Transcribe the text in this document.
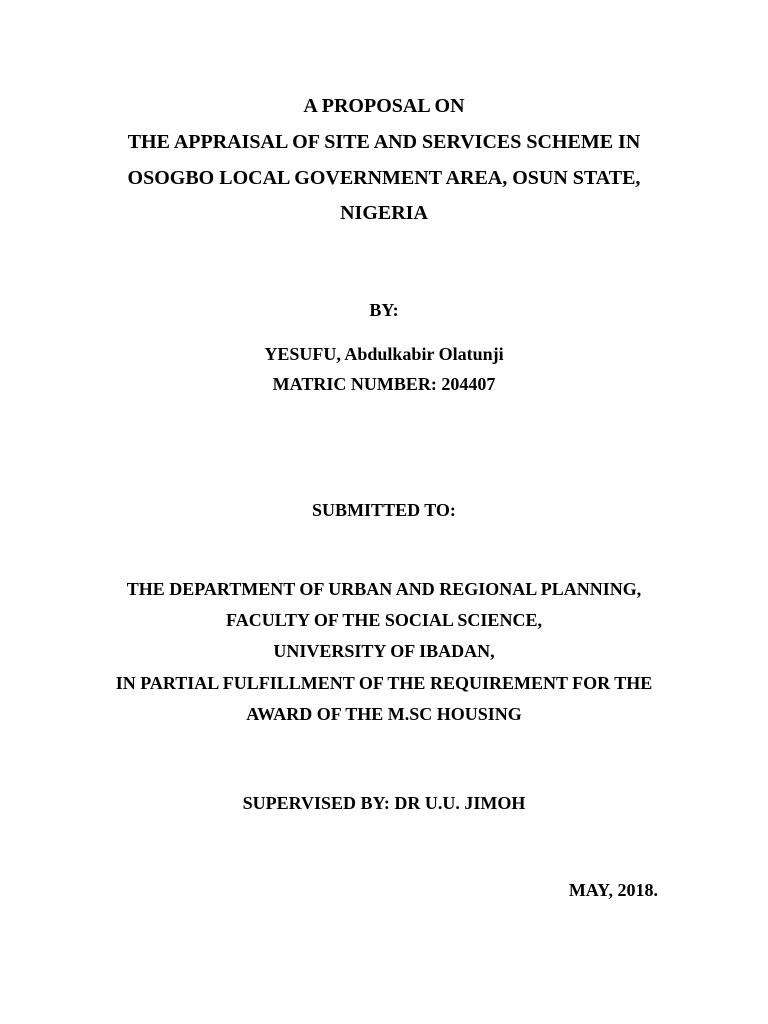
A PROPOSAL ON
THE APPRAISAL OF SITE AND SERVICES SCHEME IN
OSOGBO LOCAL GOVERNMENT AREA, OSUN STATE,
NIGERIA
BY:
YESUFU, Abdulkabir Olatunji
MATRIC NUMBER: 204407
SUBMITTED TO:
THE DEPARTMENT OF URBAN AND REGIONAL PLANNING,
FACULTY OF THE SOCIAL SCIENCE,
UNIVERSITY OF IBADAN,
IN PARTIAL FULFILLMENT OF THE REQUIREMENT FOR THE
AWARD OF THE M.SC HOUSING
SUPERVISED BY: DR U.U. JIMOH
MAY, 2018.
